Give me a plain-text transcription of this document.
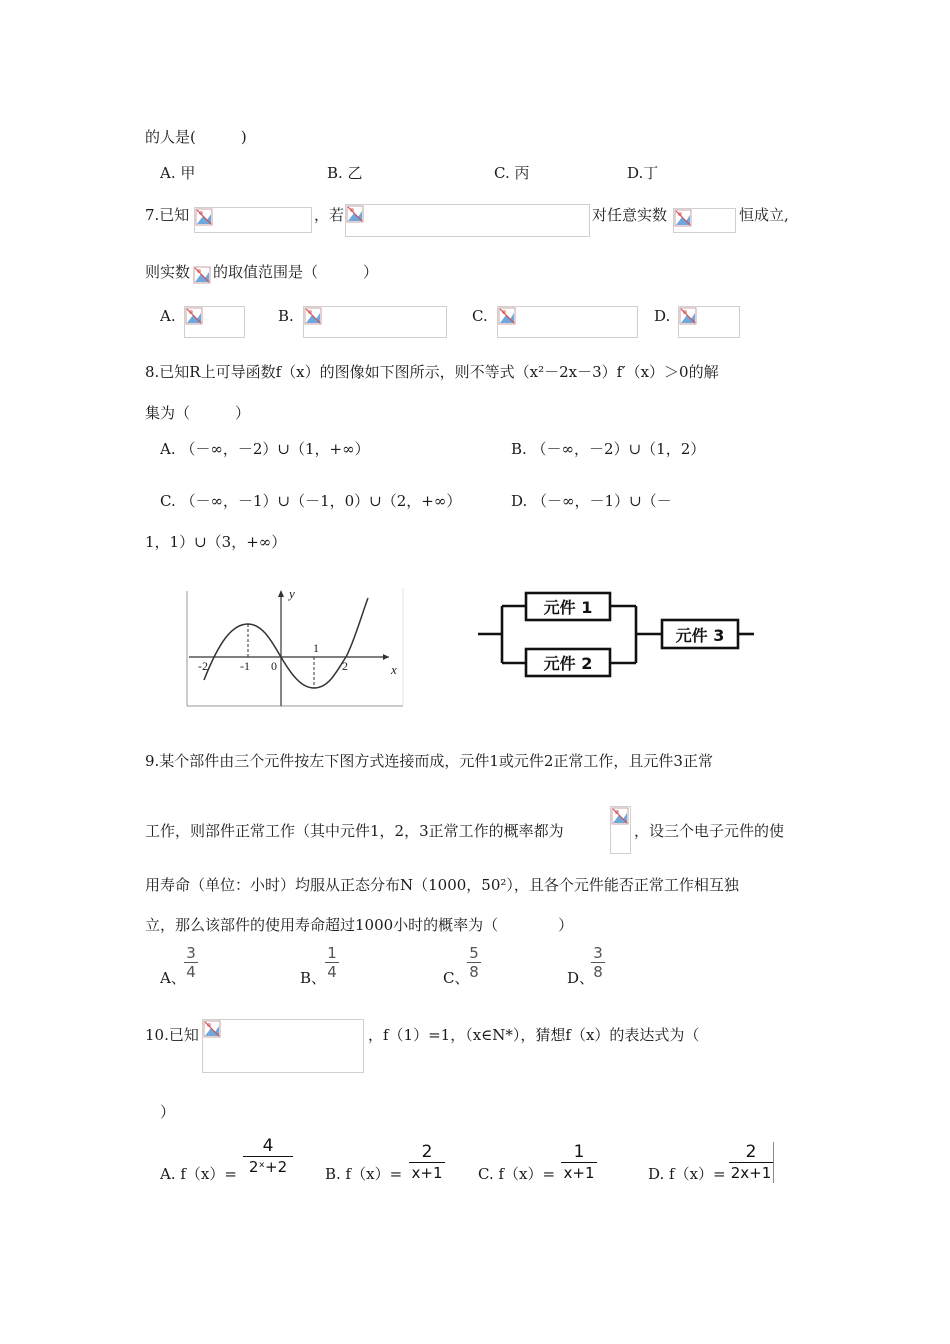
的人是(　　　)
A. 甲	B. 乙	C. 丙	D.丁
7.已知	，若	对任意实数	恒成立,
则实数 的取值范围是（　　　）
A.	B.	C.	D.
8.已知R上可导函数f（x）的图像如下图所示，则不等式（x²－2x－3）f′（x）＞0的解
集为（　　　）
A. （－∞，－2）∪（1，+∞）	B. （－∞，－2）∪（1，2）
C. （－∞，－1）∪（－1，0）∪（2，+∞）	D. （－∞，－1）∪（－
1，1）∪（3，+∞）
y
x
-2	-1 0
1
2
元件 1
元件 2
元件 3
9.某个部件由三个元件按左下图方式连接而成，元件1或元件2正常工作，且元件3正常
工作，则部件正常工作（其中元件1，2，3正常工作的概率都为	，设三个电子元件的使
用寿命（单位：小时）均服从正态分布N（1000，50²），且各个元件能否正常工作相互独
立，那么该部件的使用寿命超过1000小时的概率为（　　　　）
A、
3
4	B、
1
4	C、
5
8	D、
3
8
10.已知	，f（1）=1，（x∈N*），猜想f（x）的表达式为（
）
A. f（x）=
4
2ˣ+2	B. f（x）=
2
x+1 C. f（x）=
1
x+1	D. f（x）=
2
2x+1
